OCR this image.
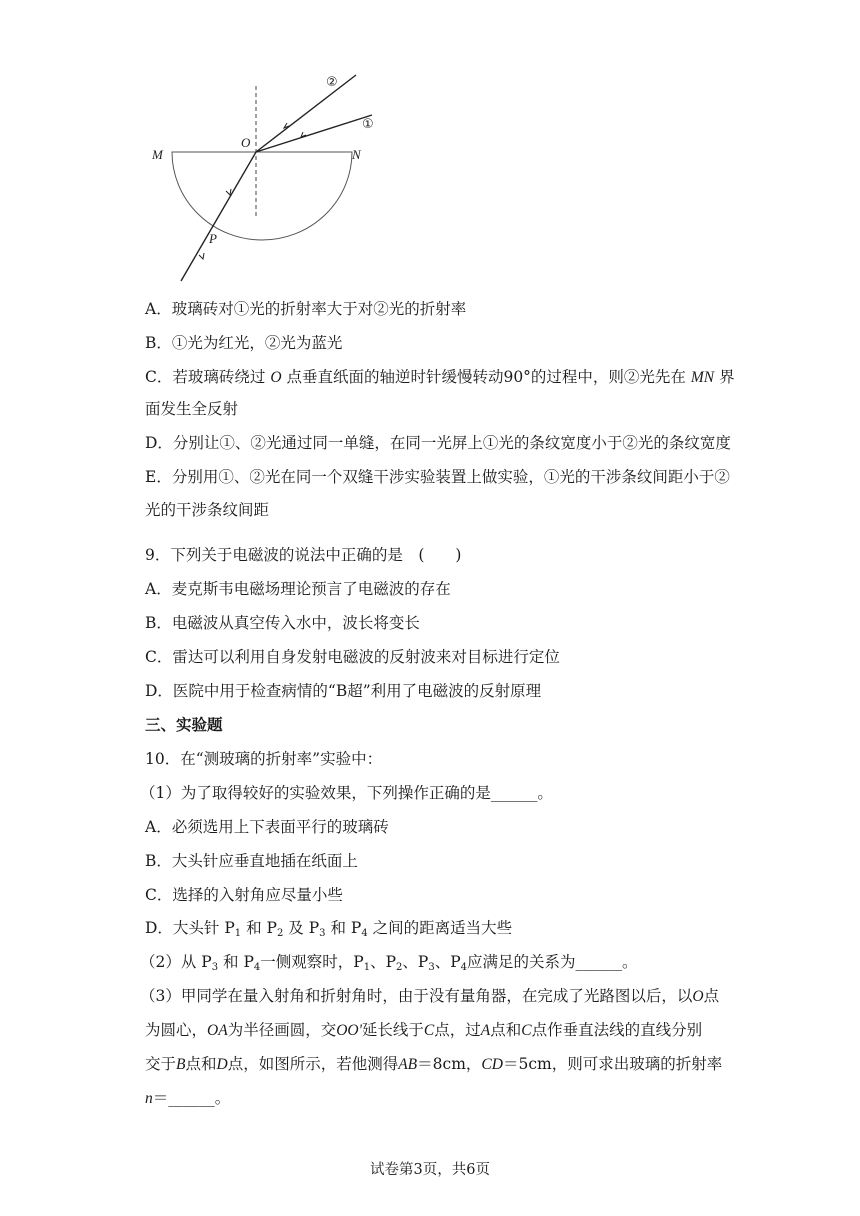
M	N
O
P
②
①
A．玻璃砖对①光的折射率大于对②光的折射率
B．①光为红光，②光为蓝光
C．若玻璃砖绕过 O 点垂直纸面的轴逆时针缓慢转动90°的过程中，则②光先在 MN 界
面发生全反射
D．分别让①、②光通过同一单缝，在同一光屏上①光的条纹宽度小于②光的条纹宽度
E．分别用①、②光在同一个双缝干涉实验装置上做实验，①光的干涉条纹间距小于②
光的干涉条纹间距
9．下列关于电磁波的说法中正确的是　(　　)
A．麦克斯韦电磁场理论预言了电磁波的存在
B．电磁波从真空传入水中，波长将变长
C．雷达可以利用自身发射电磁波的反射波来对目标进行定位
D．医院中用于检查病情的“B超”利用了电磁波的反射原理
三、实验题
10．在“测玻璃的折射率”实验中：
（1）为了取得较好的实验效果，下列操作正确的是______。
A．必须选用上下表面平行的玻璃砖
B．大头针应垂直地插在纸面上
C．选择的入射角应尽量小些
D．大头针 $P_1$ 和 $P_2$ 及 $P_3$ 和 $P_4$ 之间的距离适当大些
（2）从 $P_3$ 和 $P_4$一侧观察时，$P_1$、$P_2$、$P_3$、$P_4$应满足的关系为______。
（3）甲同学在量入射角和折射角时，由于没有量角器，在完成了光路图以后，以O点
为圆心，OA为半径画圆，交OO'延长线于C点，过A点和C点作垂直法线的直线分别
交于B点和D点，如图所示，若他测得AB＝8cm，CD＝5cm，则可求出玻璃的折射率
n＝______。
试卷第3页，共6页
